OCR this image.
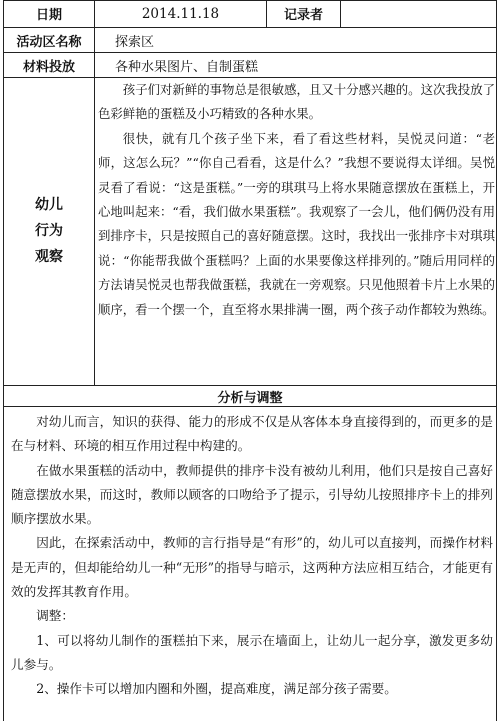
日期	2014.11.18	记录者
活动区名称	探索区
材料投放	各种水果图片、自制蛋糕
幼儿
行为
观察

孩子们对新鲜的事物总是很敏感，且又十分感兴趣的。这次我投放了色彩鲜艳的蛋糕及小巧精致的各种水果。

很快，就有几个孩子坐下来，看了看这些材料，吴悦灵问道：“老师，这怎么玩？”“你自己看看，这是什么？”我想不要说得太详细。吴悦灵看了看说：“这是蛋糕。”一旁的琪琪马上将水果随意摆放在蛋糕上，开心地叫起来：“看，我们做水果蛋糕”。我观察了一会儿，他们俩仍没有用到排序卡，只是按照自己的喜好随意摆。这时，我找出一张排序卡对琪琪说：“你能帮我做个蛋糕吗？上面的水果要像这样排列的。”随后用同样的方法请吴悦灵也帮我做蛋糕，我就在一旁观察。只见他照着卡片上水果的顺序，看一个摆一个，直至将水果排满一圈，两个孩子动作都较为熟练。

分析与调整

对幼儿而言，知识的获得、能力的形成不仅是从客体本身直接得到的，而更多的是在与材料、环境的相互作用过程中构建的。

在做水果蛋糕的活动中，教师提供的排序卡没有被幼儿利用，他们只是按自己喜好随意摆放水果，而这时，教师以顾客的口吻给予了提示，引导幼儿按照排序卡上的排列顺序摆放水果。

因此，在探索活动中，教师的言行指导是“有形”的，幼儿可以直接判，而操作材料是无声的，但却能给幼儿一种“无形”的指导与暗示，这两种方法应相互结合，才能更有效的发挥其教育作用。

调整：

1、可以将幼儿制作的蛋糕拍下来，展示在墙面上，让幼儿一起分享，激发更多幼儿参与。

2、操作卡可以增加内圈和外圈，提高难度，满足部分孩子需要。
